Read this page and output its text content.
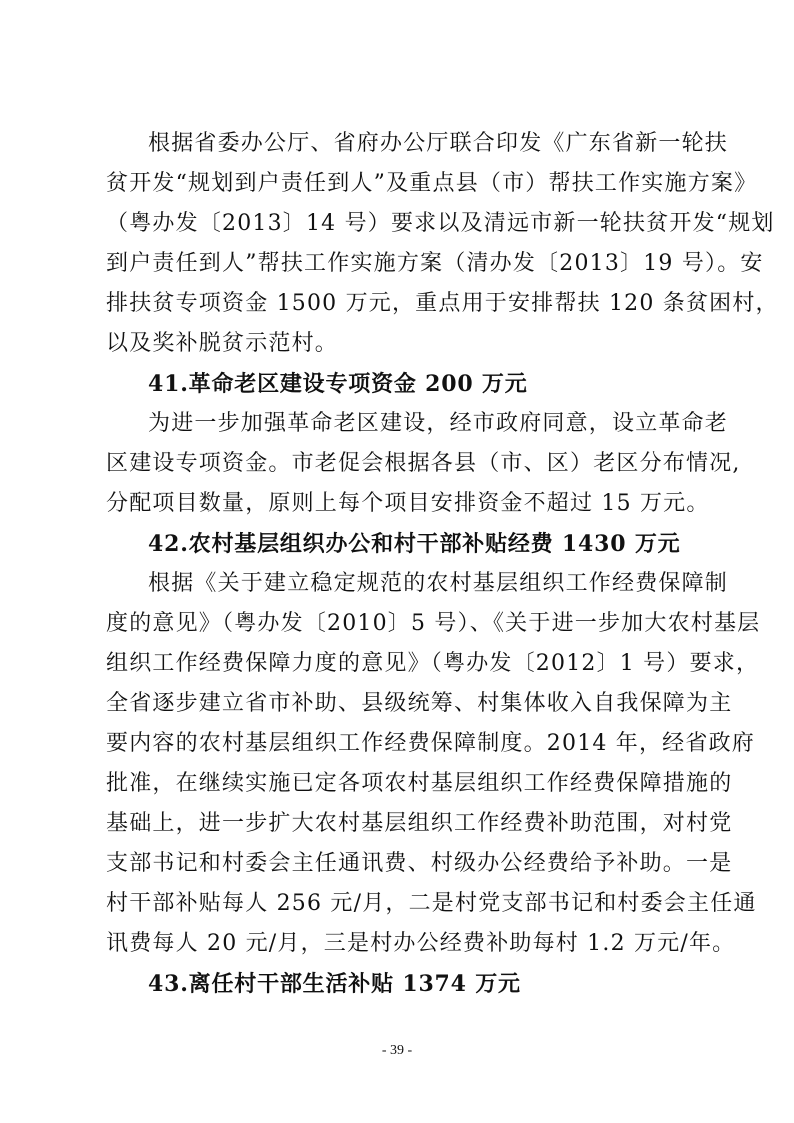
根据省委办公厅、省府办公厅联合印发《广东省新一轮扶
贫开发“规划到户责任到人”及重点县（市）帮扶工作实施方案》
（粤办发〔2013〕14 号）要求以及清远市新一轮扶贫开发“规划
到户责任到人”帮扶工作实施方案（清办发〔2013〕19 号）。安
排扶贫专项资金 1500 万元，重点用于安排帮扶 120 条贫困村，
以及奖补脱贫示范村。
41.革命老区建设专项资金 200 万元
为进一步加强革命老区建设，经市政府同意，设立革命老
区建设专项资金。市老促会根据各县（市、区）老区分布情况,
分配项目数量，原则上每个项目安排资金不超过 15 万元。
42.农村基层组织办公和村干部补贴经费 1430 万元
根据《关于建立稳定规范的农村基层组织工作经费保障制
度的意见》（粤办发〔2010〕5 号）、《关于进一步加大农村基层
组织工作经费保障力度的意见》（粤办发〔2012〕1 号）要求，
全省逐步建立省市补助、县级统筹、村集体收入自我保障为主
要内容的农村基层组织工作经费保障制度。2014 年，经省政府
批准，在继续实施已定各项农村基层组织工作经费保障措施的
基础上，进一步扩大农村基层组织工作经费补助范围，对村党
支部书记和村委会主任通讯费、村级办公经费给予补助。一是
村干部补贴每人 256 元/月，二是村党支部书记和村委会主任通
讯费每人 20 元/月，三是村办公经费补助每村 1.2 万元/年。
43.离任村干部生活补贴 1374 万元
- 39 -
